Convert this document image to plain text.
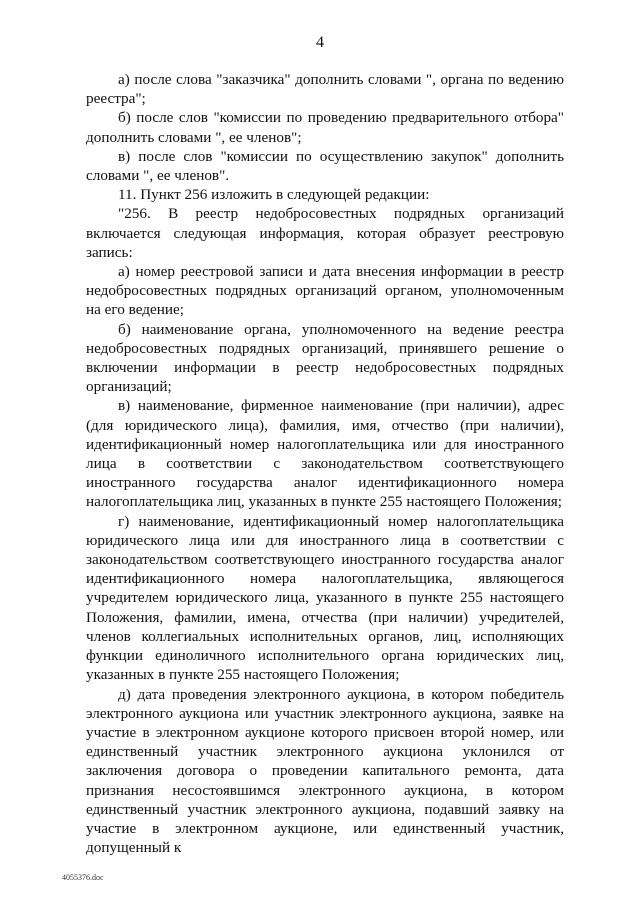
4

а) после слова "заказчика" дополнить словами ", органа по ведению реестра";

б) после слов "комиссии по проведению предварительного отбора" дополнить словами ", ее членов";

в) после слов "комиссии по осуществлению закупок" дополнить словами ", ее членов".

11. Пункт 256 изложить в следующей редакции:

"256. В реестр недобросовестных подрядных организаций включается следующая информация, которая образует реестровую запись:

а) номер реестровой записи и дата внесения информации в реестр недобросовестных подрядных организаций органом, уполномоченным на его ведение;

б) наименование органа, уполномоченного на ведение реестра недобросовестных подрядных организаций, принявшего решение о включении информации в реестр недобросовестных подрядных организаций;

в) наименование, фирменное наименование (при наличии), адрес (для юридического лица), фамилия, имя, отчество (при наличии), идентификационный номер налогоплательщика или для иностранного лица в соответствии с законодательством соответствующего иностранного государства аналог идентификационного номера налогоплательщика лиц, указанных в пункте 255 настоящего Положения;

г) наименование, идентификационный номер налогоплательщика юридического лица или для иностранного лица в соответствии с законодательством соответствующего иностранного государства аналог идентификационного номера налогоплательщика, являющегося учредителем юридического лица, указанного в пункте 255 настоящего Положения, фамилии, имена, отчества (при наличии) учредителей, членов коллегиальных исполнительных органов, лиц, исполняющих функции единоличного исполнительного органа юридических лиц, указанных в пункте 255 настоящего Положения;

д) дата проведения электронного аукциона, в котором победитель электронного аукциона или участник электронного аукциона, заявке на участие в электронном аукционе которого присвоен второй номер, или единственный участник электронного аукциона уклонился от заключения договора о проведении капитального ремонта, дата признания несостоявшимся электронного аукциона, в котором единственный участник электронного аукциона, подавший заявку на участие в электронном аукционе, или единственный участник, допущенный к

4055376.doc
